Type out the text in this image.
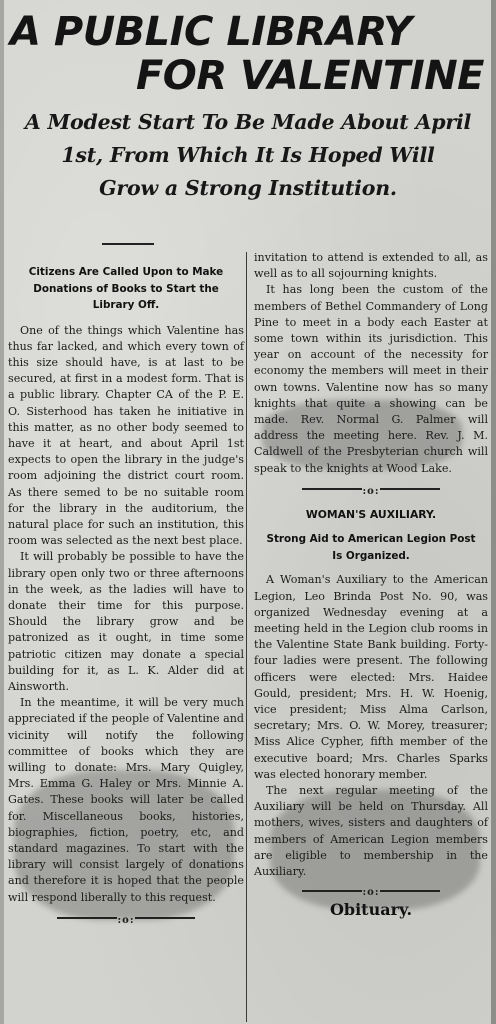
A PUBLIC LIBRARY
FOR VALENTINE
A Modest Start To Be Made About April
1st, From Which It Is Hoped Will
Grow a Strong Institution.

Citizens Are Called Upon to Make Donations of Books to Start the Library Off.

One of the things which Valentine has thus far lacked, and which every town of this size should have, is at last to be secured, at first in a modest form. That is a public library. Chapter CA of the P. E. O. Sisterhood has taken he initiative in this matter, as no other body seemed to have it at heart, and about April 1st expects to open the library in the judge's room adjoining the district court room. As there semed to be no suitable room for the library in the auditorium, the natural place for such an institution, this room was selected as the next best place.

It will probably be possible to have the library open only two or three afternoons in the week, as the ladies will have to donate their time for this purpose. Should the library grow and be patronized as it ought, in time some patriotic citizen may donate a special building for it, as L. K. Alder did at Ainsworth.

In the meantime, it will be very much appreciated if the people of Valentine and vicinity will notify the following committee of books which they are willing to donate: Mrs. Mary Quigley, Mrs. Emma G. Haley or Mrs. Minnie A. Gates. These books will later be called for. Miscellaneous books, histories, biographies, fiction, poetry, etc, and standard magazines. To start with the library will consist largely of donations and therefore it is hoped that the people will respond liberally to this request.

:o:

invitation to attend is extended to all, as well as to all sojourning knights.

It has long been the custom of the members of Bethel Commandery of Long Pine to meet in a body each Easter at some town within its jurisdiction. This year on account of the necessity for economy the members will meet in their own towns. Valentine now has so many knights that quite a showing can be made. Rev. Normal G. Palmer will address the meeting here. Rev. J. M. Caldwell of the Presbyterian church will speak to the knights at Wood Lake.

:o:

WOMAN'S AUXILIARY.

Strong Aid to American Legion Post Is Organized.

A Woman's Auxiliary to the American Legion, Leo Brinda Post No. 90, was organized Wednesday evening at a meeting held in the Legion club rooms in the Valentine State Bank building. Forty-four ladies were present. The following officers were elected: Mrs. Haidee Gould, president; Mrs. H. W. Hoenig, vice president; Miss Alma Carlson, secretary; Mrs. O. W. Morey, treasurer; Miss Alice Cypher, fifth member of the executive board; Mrs. Charles Sparks was elected honorary member.

The next regular meeting of the Auxiliary will be held on Thursday. All mothers, wives, sisters and daughters of members of American Legion members are eligible to membership in the Auxiliary.

:o:
Obituary.
